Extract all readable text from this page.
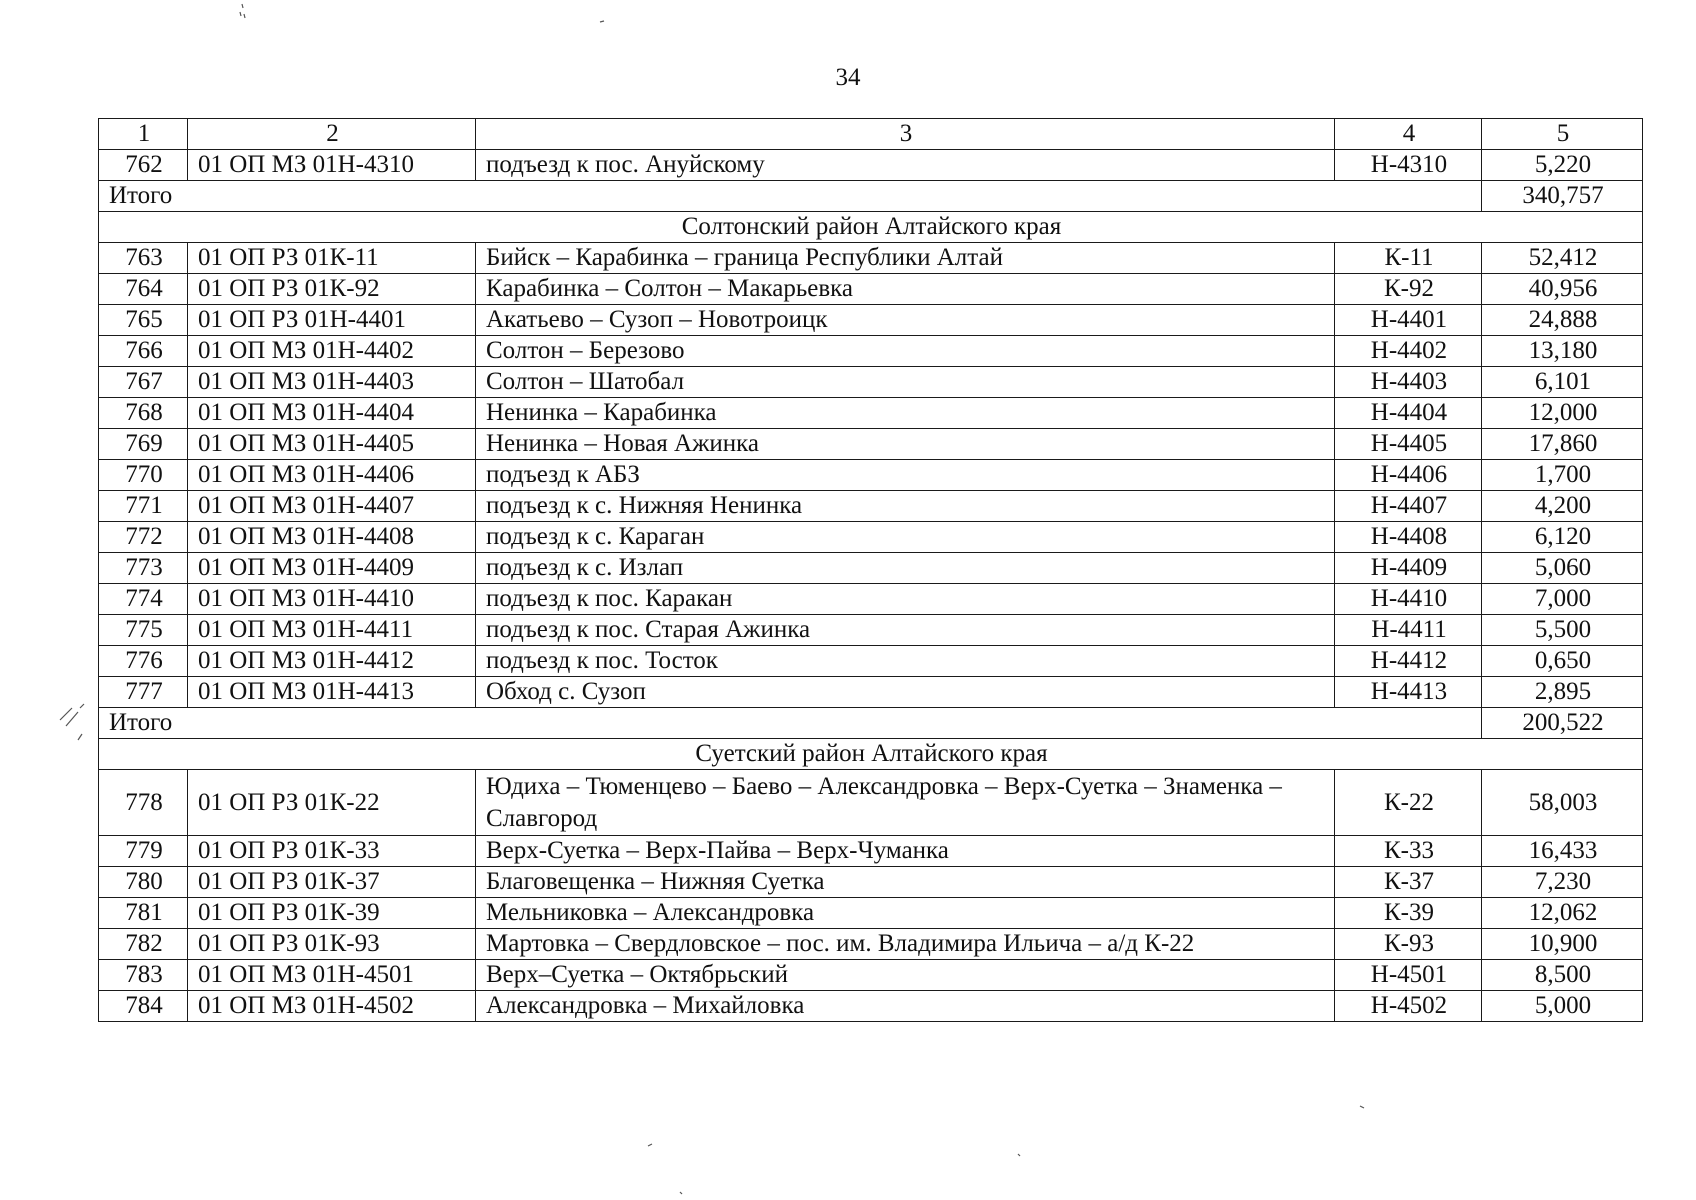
34
1	2	3	4	5
762	01 ОП МЗ 01Н-4310	подъезд к пос. Ануйскому	Н-4310	5,220
Итого				340,757
Солтонский район Алтайского края				
763	01 ОП РЗ 01К-11	Бийск – Карабинка – граница Республики Алтай	К-11	52,412
764	01 ОП РЗ 01К-92	Карабинка – Солтон – Макарьевка	К-92	40,956
765	01 ОП РЗ 01Н-4401	Акатьево – Сузоп – Новотроицк	Н-4401	24,888
766	01 ОП МЗ 01Н-4402	Солтон – Березово	Н-4402	13,180
767	01 ОП МЗ 01Н-4403	Солтон – Шатобал	Н-4403	6,101
768	01 ОП МЗ 01Н-4404	Ненинка – Карабинка	Н-4404	12,000
769	01 ОП МЗ 01Н-4405	Ненинка – Новая Ажинка	Н-4405	17,860
770	01 ОП МЗ 01Н-4406	подъезд к АБЗ	Н-4406	1,700
771	01 ОП МЗ 01Н-4407	подъезд к с. Нижняя Ненинка	Н-4407	4,200
772	01 ОП МЗ 01Н-4408	подъезд к с. Караган	Н-4408	6,120
773	01 ОП МЗ 01Н-4409	подъезд к с. Излап	Н-4409	5,060
774	01 ОП МЗ 01Н-4410	подъезд к пос. Каракан	Н-4410	7,000
775	01 ОП МЗ 01Н-4411	подъезд к пос. Старая Ажинка	Н-4411	5,500
776	01 ОП МЗ 01Н-4412	подъезд к пос. Тосток	Н-4412	0,650
777	01 ОП МЗ 01Н-4413	Обход с. Сузоп	Н-4413	2,895
Итого				200,522
Суетский район Алтайского края				
778	01 ОП РЗ 01К-22	Юдиха – Тюменцево – Баево – Александровка – Верх-Суетка – Знаменка – Славгород	К-22	58,003
779	01 ОП РЗ 01К-33	Верх-Суетка – Верх-Пайва – Верх-Чуманка	К-33	16,433
780	01 ОП РЗ 01К-37	Благовещенка – Нижняя Суетка	К-37	7,230
781	01 ОП РЗ 01К-39	Мельниковка – Александровка	К-39	12,062
782	01 ОП РЗ 01К-93	Мартовка – Свердловское – пос. им. Владимира Ильича – а/д К-22	К-93	10,900
783	01 ОП МЗ 01Н-4501	Верх–Суетка – Октябрьский	Н-4501	8,500
784	01 ОП МЗ 01Н-4502	Александровка – Михайловка	Н-4502	5,000
